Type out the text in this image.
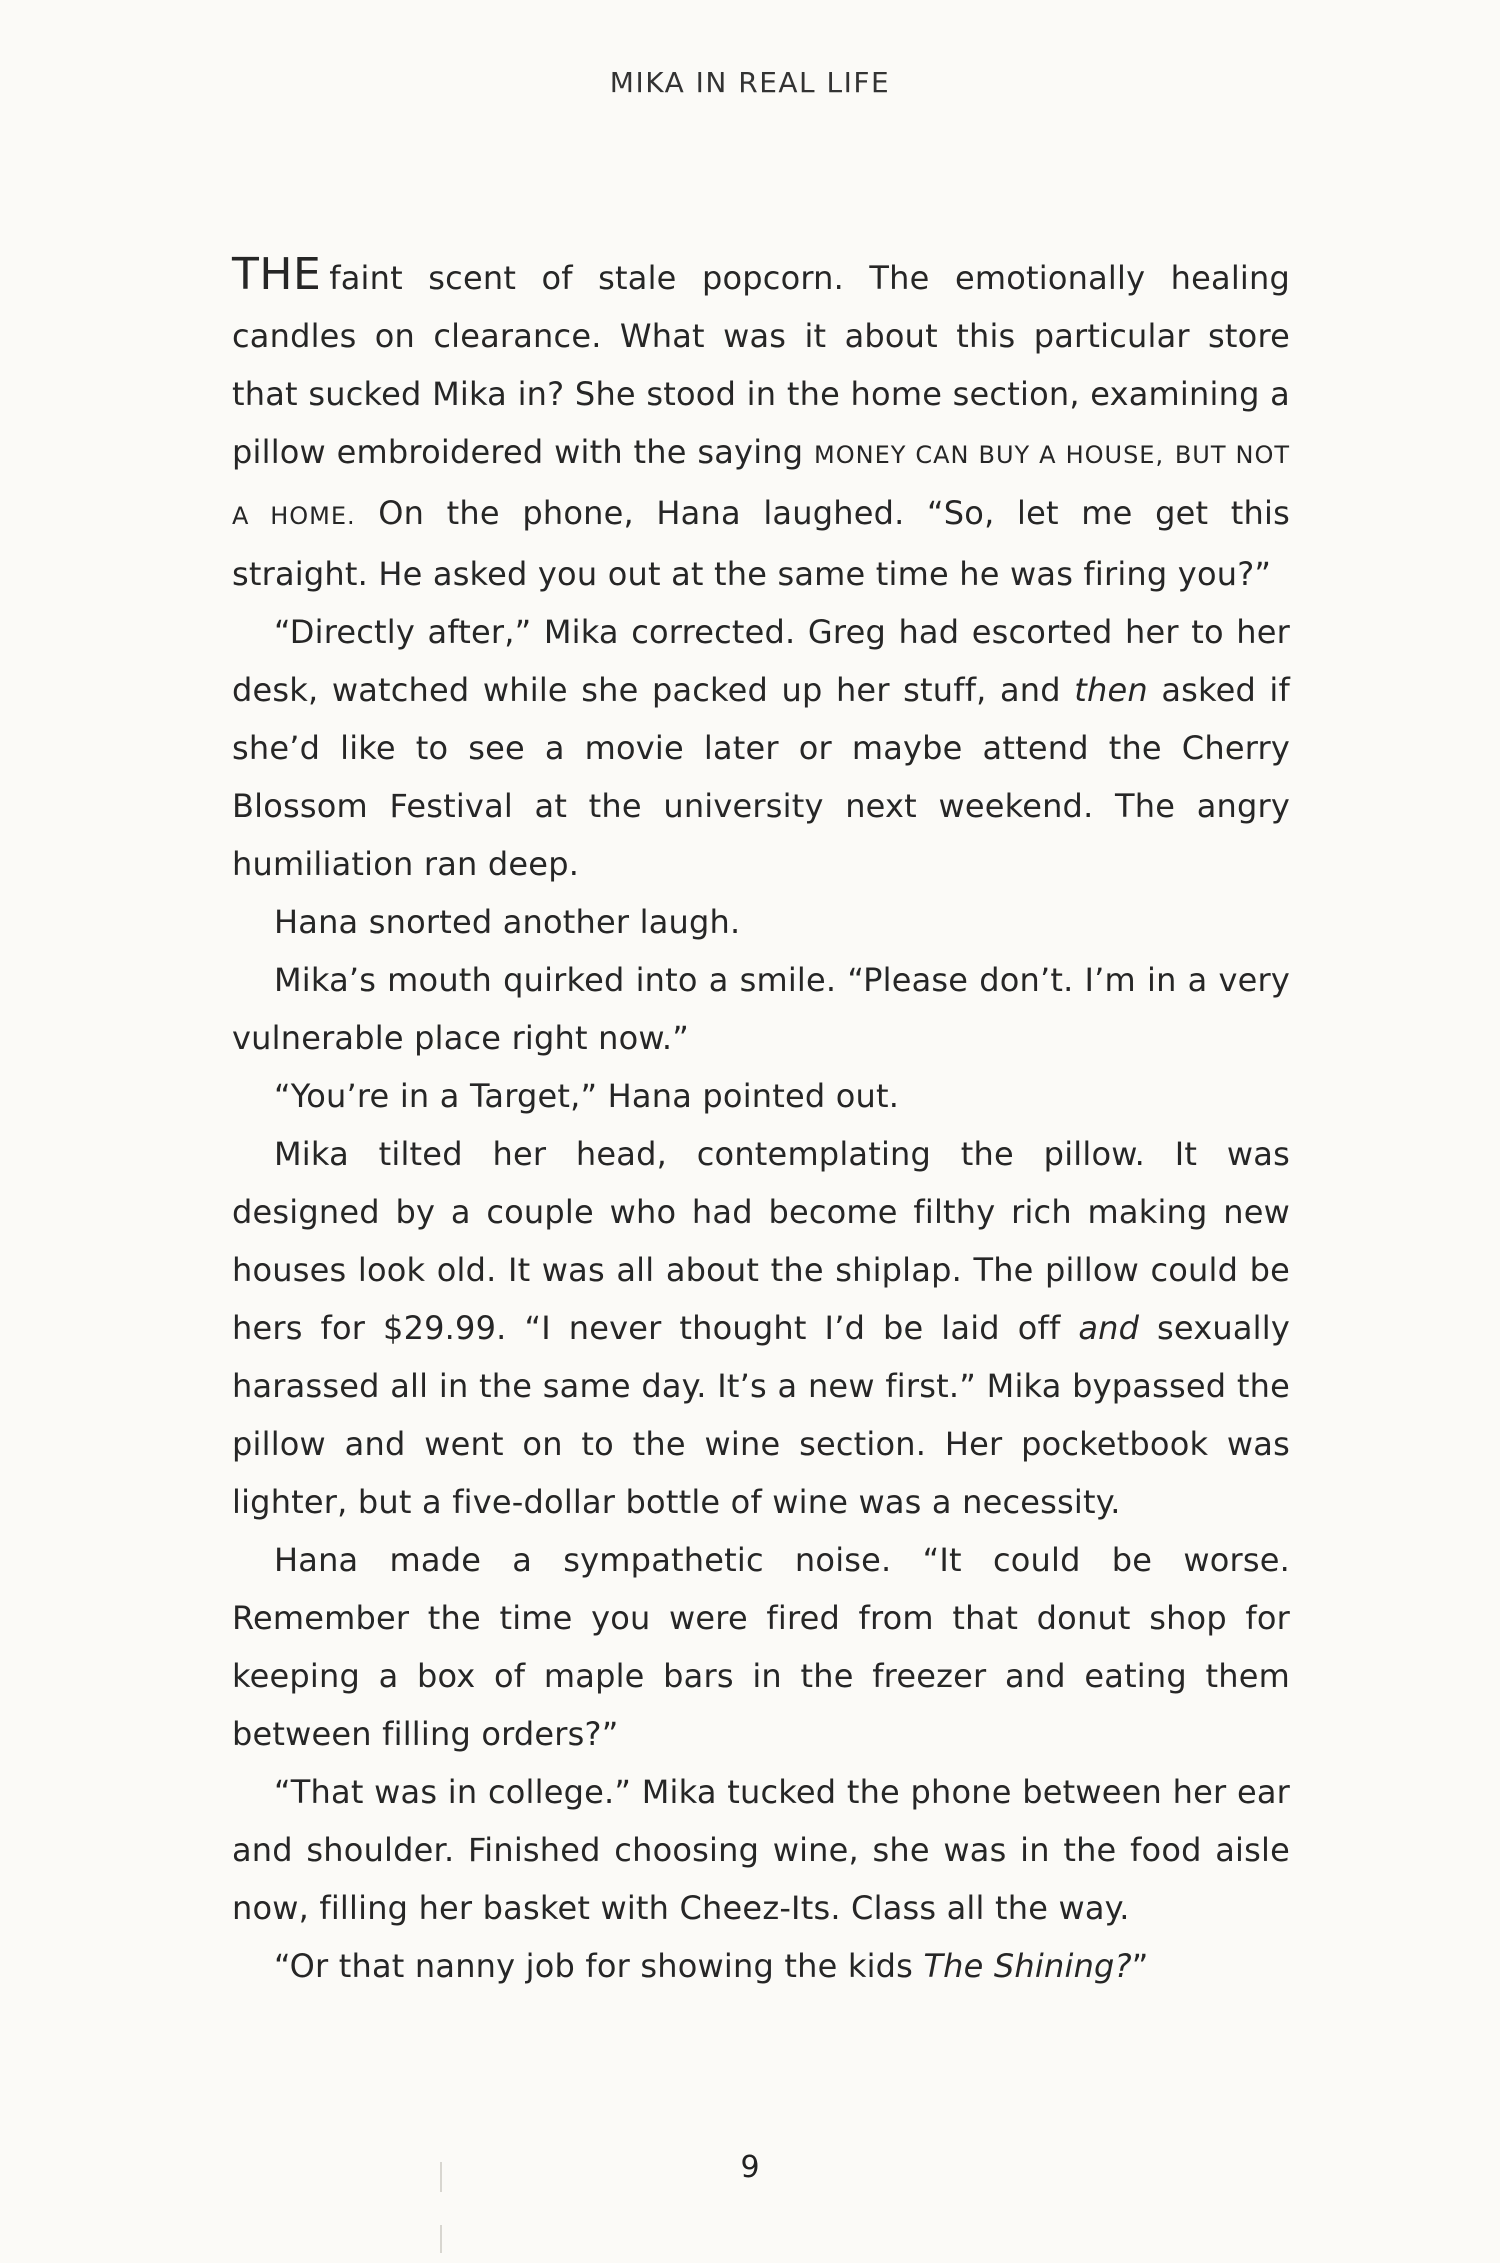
MIKA IN REAL LIFE

THE faint scent of stale popcorn. The emotionally healing candles on clearance. What was it about this particular store that sucked Mika in? She stood in the home section, examining a pillow embroidered with the saying MONEY CAN BUY A HOUSE, BUT NOT A HOME. On the phone, Hana laughed. “So, let me get this straight. He asked you out at the same time he was firing you?”

“Directly after,” Mika corrected. Greg had escorted her to her desk, watched while she packed up her stuff, and then asked if she’d like to see a movie later or maybe attend the Cherry Blossom Festival at the university next weekend. The angry humiliation ran deep.

Hana snorted another laugh.

Mika’s mouth quirked into a smile. “Please don’t. I’m in a very vulnerable place right now.”

“You’re in a Target,” Hana pointed out.

Mika tilted her head, contemplating the pillow. It was designed by a couple who had become filthy rich making new houses look old. It was all about the shiplap. The pillow could be hers for $29.99. “I never thought I’d be laid off and sexually harassed all in the same day. It’s a new first.” Mika bypassed the pillow and went on to the wine section. Her pocketbook was lighter, but a five-dollar bottle of wine was a necessity.

Hana made a sympathetic noise. “It could be worse. Remember the time you were fired from that donut shop for keeping a box of maple bars in the freezer and eating them between filling orders?”

“That was in college.” Mika tucked the phone between her ear and shoulder. Finished choosing wine, she was in the food aisle now, filling her basket with Cheez-Its. Class all the way.

“Or that nanny job for showing the kids The Shining?”

9
